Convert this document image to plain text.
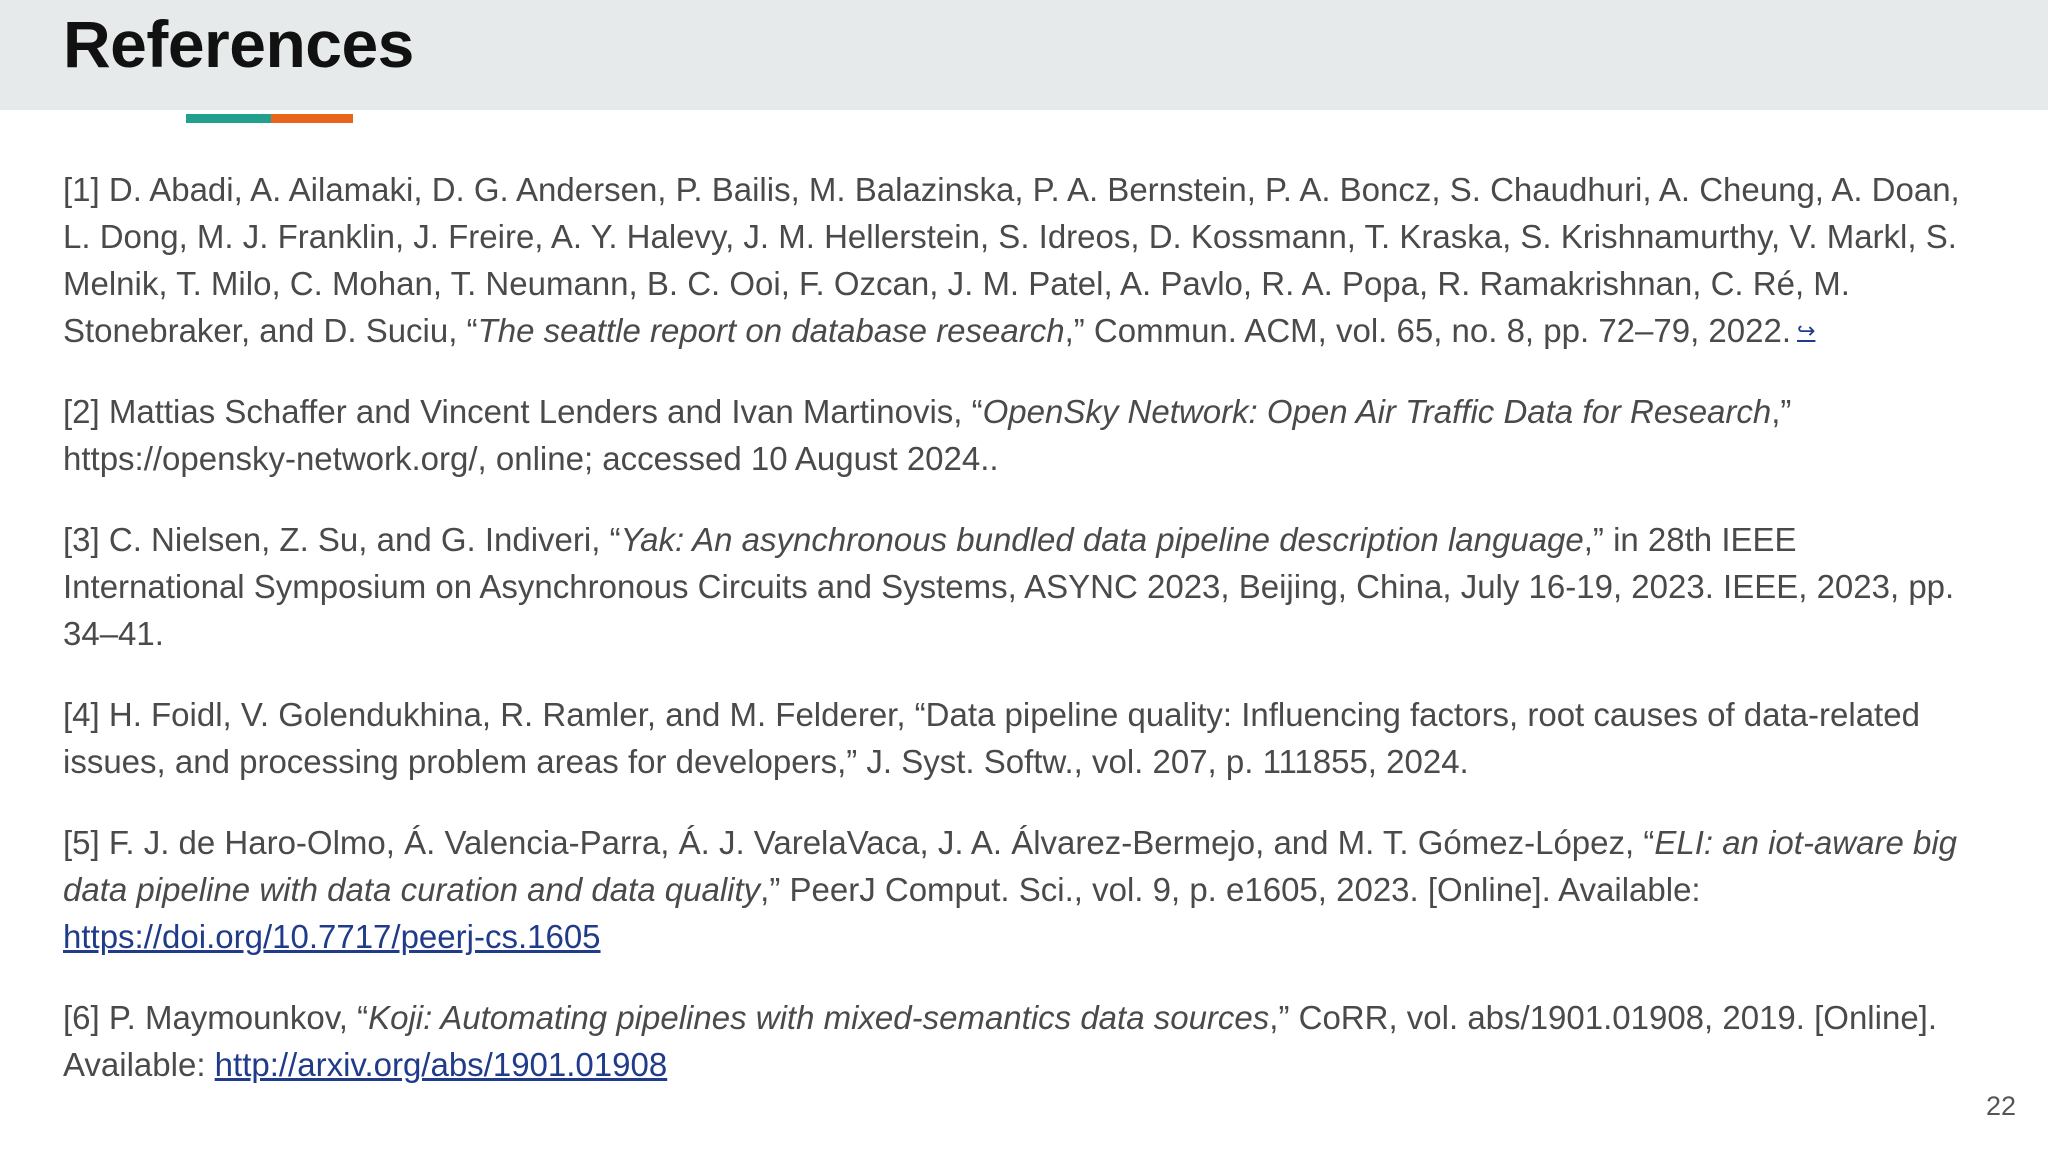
References

[1] D. Abadi, A. Ailamaki, D. G. Andersen, P. Bailis, M. Balazinska, P. A. Bernstein, P. A. Boncz, S. Chaudhuri, A. Cheung, A. Doan, L. Dong, M. J. Franklin, J. Freire, A. Y. Halevy, J. M. Hellerstein, S. Idreos, D. Kossmann, T. Kraska, S. Krishnamurthy, V. Markl, S. Melnik, T. Milo, C. Mohan, T. Neumann, B. C. Ooi, F. Ozcan, J. M. Patel, A. Pavlo, R. A. Popa, R. Ramakrishnan, C. Ré, M. Stonebraker, and D. Suciu, “The seattle report on database research,” Commun. ACM, vol. 65, no. 8, pp. 72–79, 2022. ↪

[2] Mattias Schaffer and Vincent Lenders and Ivan Martinovis, “OpenSky Network: Open Air Traffic Data for Research,” https://opensky-network.org/, online; accessed 10 August 2024..

[3] C. Nielsen, Z. Su, and G. Indiveri, “Yak: An asynchronous bundled data pipeline description language,” in 28th IEEE International Symposium on Asynchronous Circuits and Systems, ASYNC 2023, Beijing, China, July 16-19, 2023. IEEE, 2023, pp. 34–41.

[4] H. Foidl, V. Golendukhina, R. Ramler, and M. Felderer, “Data pipeline quality: Influencing factors, root causes of data-related issues, and processing problem areas for developers,” J. Syst. Softw., vol. 207, p. 111855, 2024.

[5] F. J. de Haro-Olmo, Á. Valencia-Parra, Á. J. VarelaVaca, J. A. Álvarez-Bermejo, and M. T. Gómez-López, “ELI: an iot-aware big data pipeline with data curation and data quality,” PeerJ Comput. Sci., vol. 9, p. e1605, 2023. [Online]. Available: https://doi.org/10.7717/peerj-cs.1605

[6] P. Maymounkov, “Koji: Automating pipelines with mixed-semantics data sources,” CoRR, vol. abs/1901.01908, 2019. [Online]. Available: http://arxiv.org/abs/1901.01908

22
